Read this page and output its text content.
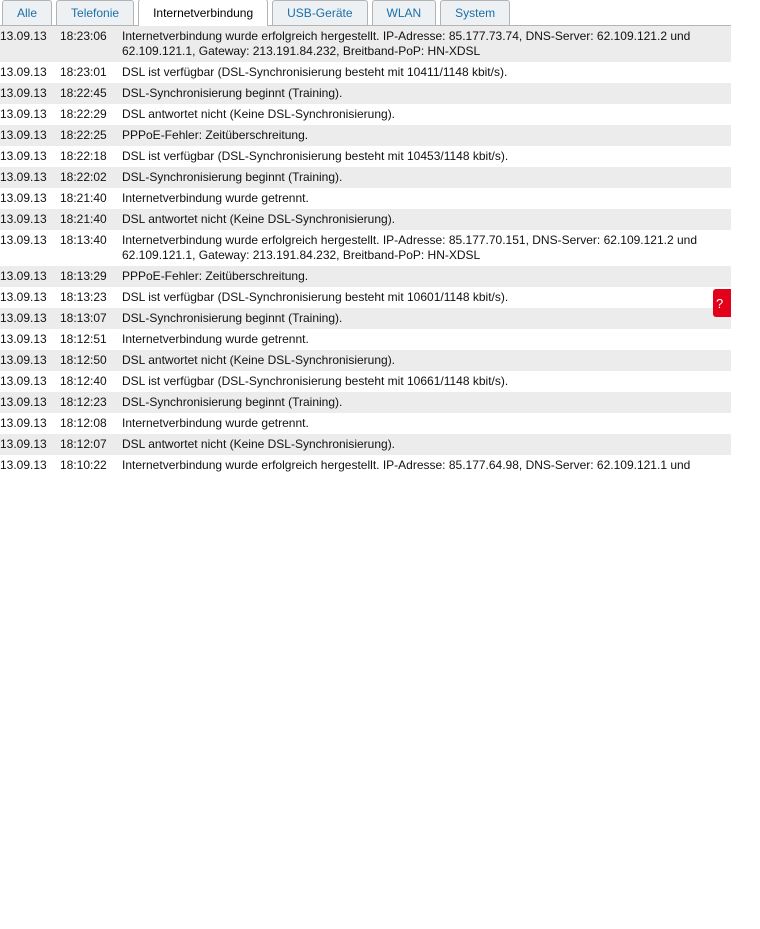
Alle	Telefonie	Internetverbindung	USB-Geräte	WLAN	System
13.09.13	18:23:06	Internetverbindung wurde erfolgreich hergestellt. IP-Adresse: 85.177.73.74, DNS-Server: 62.109.121.2 und 62.109.121.1, Gateway: 213.191.84.232, Breitband-PoP: HN-XDSL
13.09.13	18:23:01	DSL ist verfügbar (DSL-Synchronisierung besteht mit 10411/1148 kbit/s).
13.09.13	18:22:45	DSL-Synchronisierung beginnt (Training).
13.09.13	18:22:29	DSL antwortet nicht (Keine DSL-Synchronisierung).
13.09.13	18:22:25	PPPoE-Fehler: Zeitüberschreitung.
13.09.13	18:22:18	DSL ist verfügbar (DSL-Synchronisierung besteht mit 10453/1148 kbit/s).
13.09.13	18:22:02	DSL-Synchronisierung beginnt (Training).
13.09.13	18:21:40	Internetverbindung wurde getrennt.
13.09.13	18:21:40	DSL antwortet nicht (Keine DSL-Synchronisierung).
13.09.13	18:13:40	Internetverbindung wurde erfolgreich hergestellt. IP-Adresse: 85.177.70.151, DNS-Server: 62.109.121.2 und 62.109.121.1, Gateway: 213.191.84.232, Breitband-PoP: HN-XDSL
13.09.13	18:13:29	PPPoE-Fehler: Zeitüberschreitung.
13.09.13	18:13:23	DSL ist verfügbar (DSL-Synchronisierung besteht mit 10601/1148 kbit/s).
13.09.13	18:13:07	DSL-Synchronisierung beginnt (Training).
13.09.13	18:12:51	Internetverbindung wurde getrennt.
13.09.13	18:12:50	DSL antwortet nicht (Keine DSL-Synchronisierung).
13.09.13	18:12:40	DSL ist verfügbar (DSL-Synchronisierung besteht mit 10661/1148 kbit/s).
13.09.13	18:12:23	DSL-Synchronisierung beginnt (Training).
13.09.13	18:12:08	Internetverbindung wurde getrennt.
13.09.13	18:12:07	DSL antwortet nicht (Keine DSL-Synchronisierung).
13.09.13	18:10:22	Internetverbindung wurde erfolgreich hergestellt. IP-Adresse: 85.177.64.98, DNS-Server: 62.109.121.1 und
?
